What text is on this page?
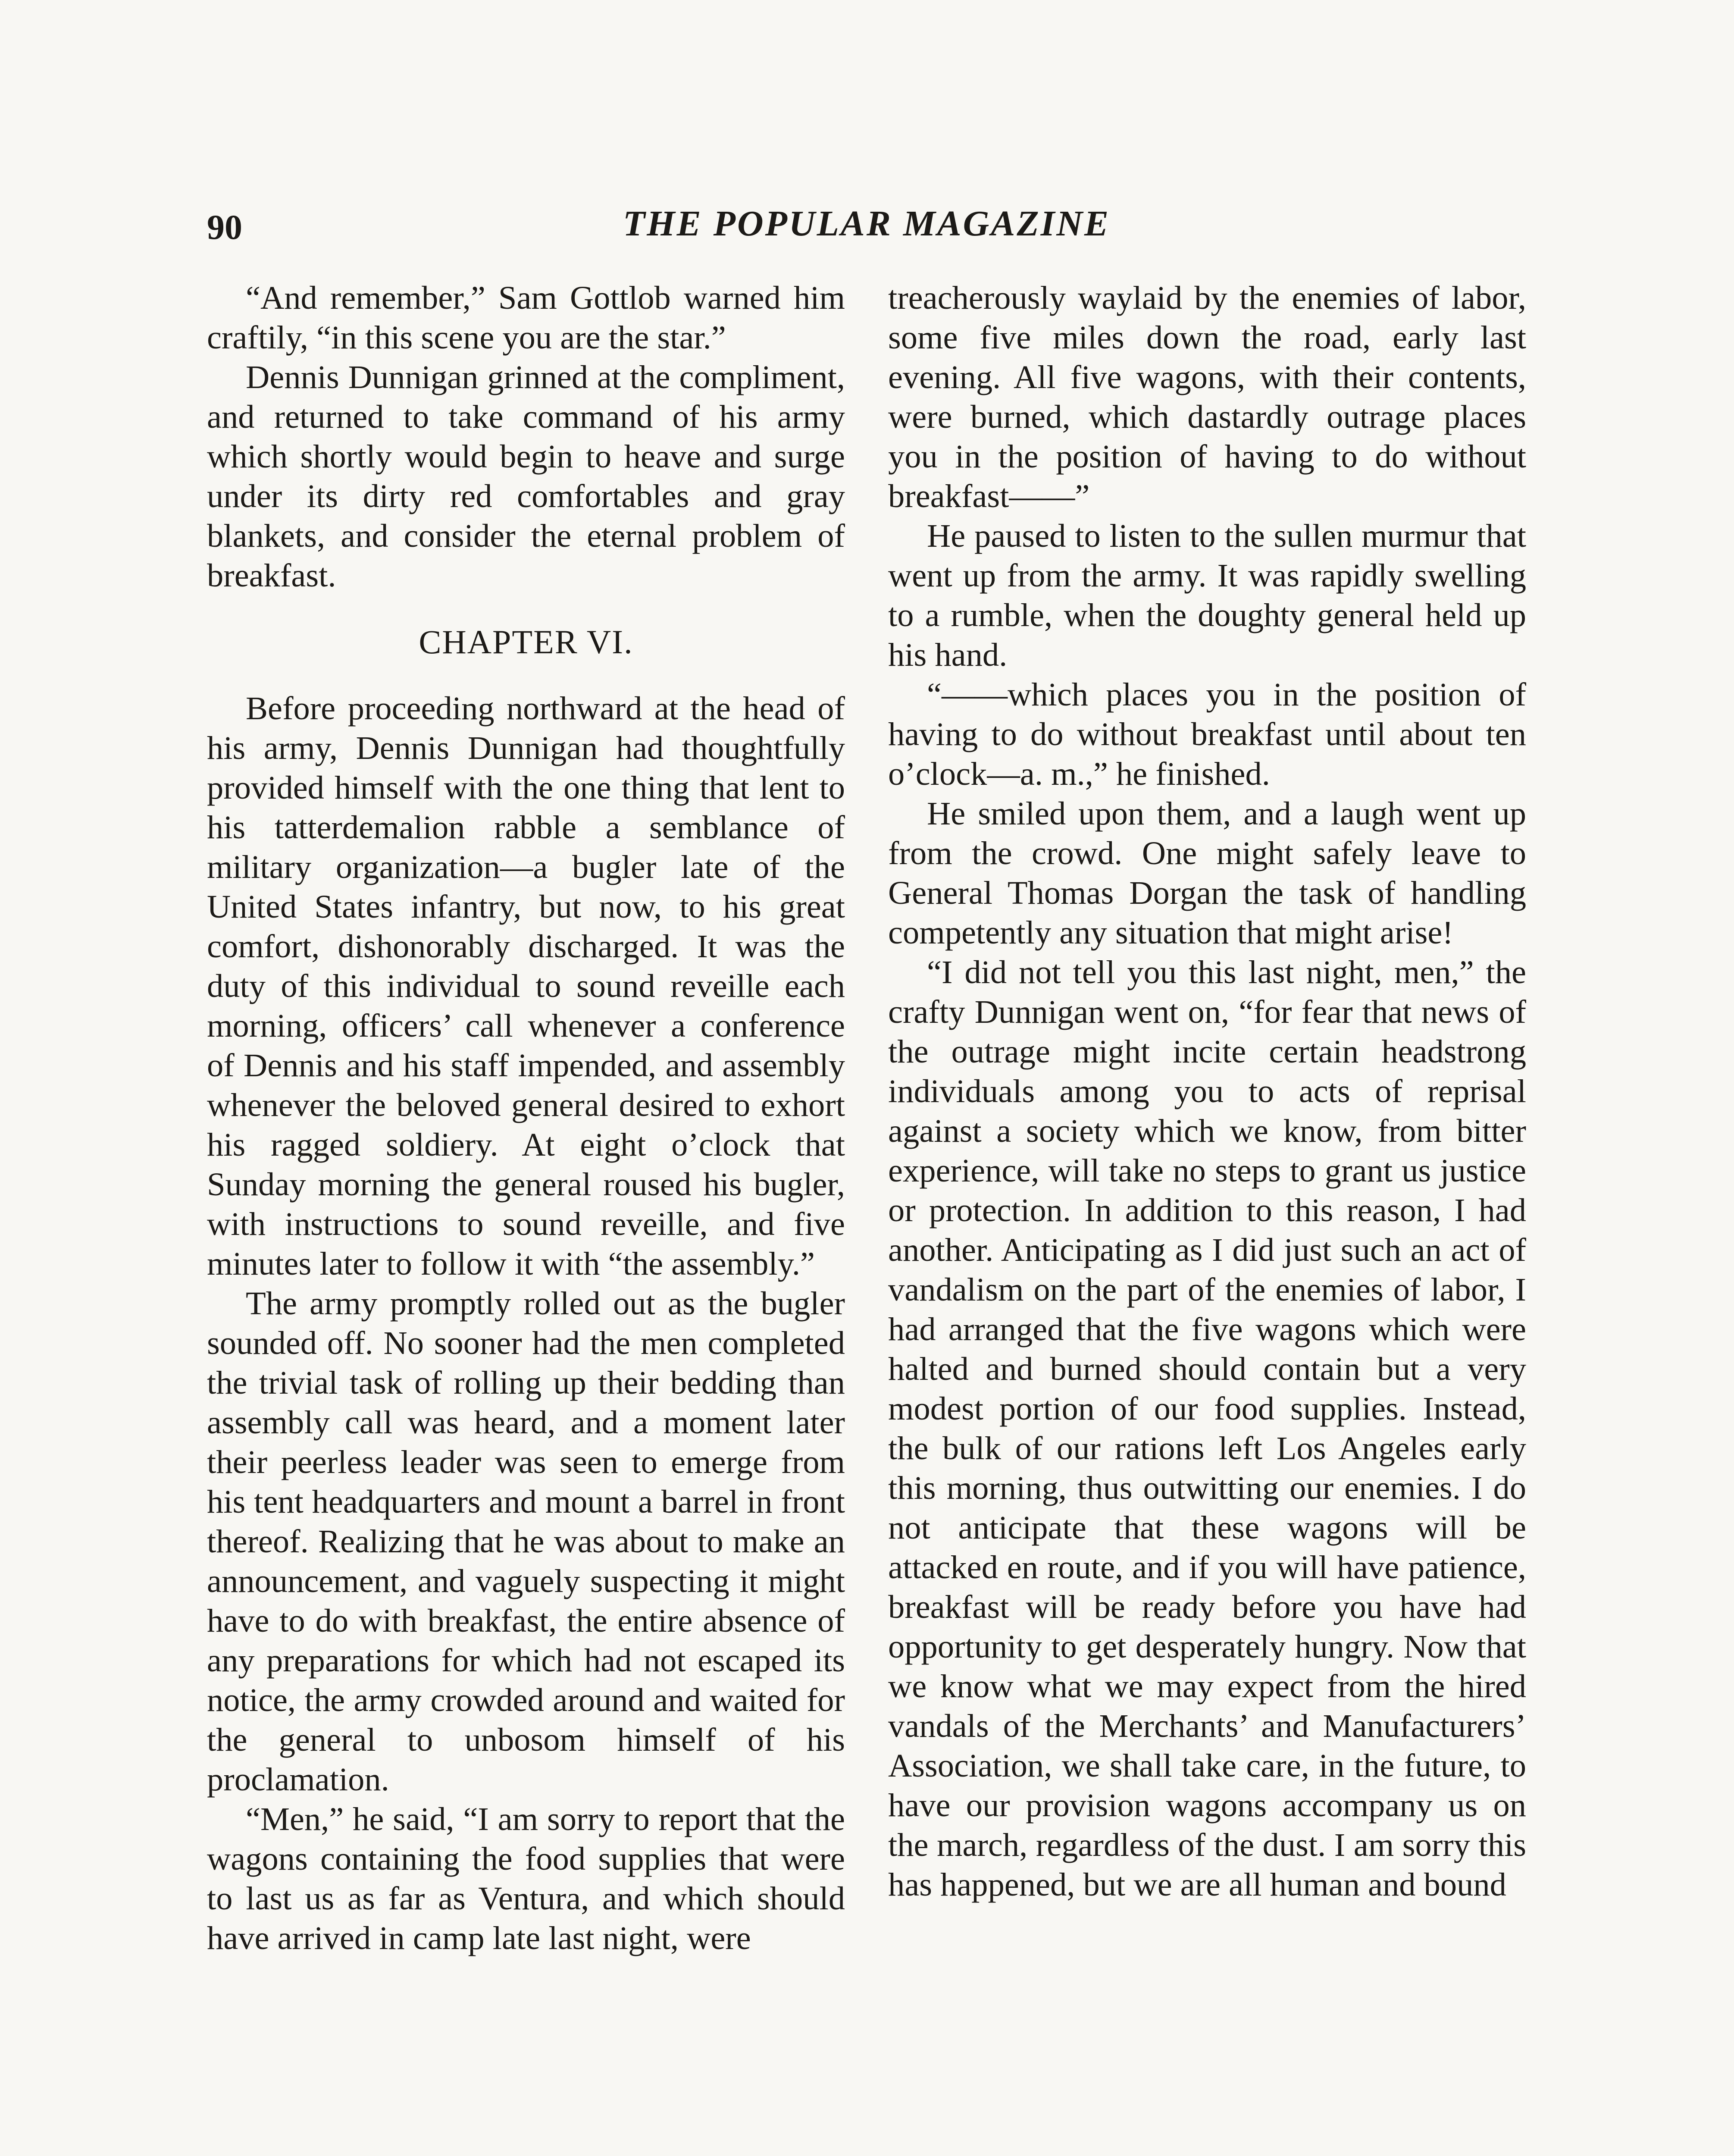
90	THE POPULAR MAGAZINE

“And remember,” Sam Gottlob warned him craftily, “in this scene you are the star.”

Dennis Dunnigan grinned at the compliment, and returned to take command of his army which shortly would begin to heave and surge under its dirty red comfortables and gray blankets, and consider the eternal problem of breakfast.

CHAPTER VI.

Before proceeding northward at the head of his army, Dennis Dunnigan had thoughtfully provided himself with the one thing that lent to his tatterdemalion rabble a semblance of military organization—a bugler late of the United States infantry, but now, to his great comfort, dishonorably discharged. It was the duty of this individual to sound reveille each morning, officers’ call whenever a conference of Dennis and his staff impended, and assembly whenever the beloved general desired to exhort his ragged soldiery. At eight o’clock that Sunday morning the general roused his bugler, with instructions to sound reveille, and five minutes later to follow it with “the assembly.”

The army promptly rolled out as the bugler sounded off. No sooner had the men completed the trivial task of rolling up their bedding than assembly call was heard, and a moment later their peerless leader was seen to emerge from his tent headquarters and mount a barrel in front thereof. Realizing that he was about to make an announcement, and vaguely suspecting it might have to do with breakfast, the entire absence of any preparations for which had not escaped its notice, the army crowded around and waited for the general to unbosom himself of his proclamation.

“Men,” he said, “I am sorry to report that the wagons containing the food supplies that were to last us as far as Ventura, and which should have arrived in camp late last night, were

treacherously waylaid by the enemies of labor, some five miles down the road, early last evening. All five wagons, with their contents, were burned, which dastardly outrage places you in the position of having to do without breakfast——”

He paused to listen to the sullen murmur that went up from the army. It was rapidly swelling to a rumble, when the doughty general held up his hand.

“——which places you in the position of having to do without breakfast until about ten o’clock—a. m.,” he finished.

He smiled upon them, and a laugh went up from the crowd. One might safely leave to General Thomas Dorgan the task of handling competently any situation that might arise!

“I did not tell you this last night, men,” the crafty Dunnigan went on, “for fear that news of the outrage might incite certain headstrong individuals among you to acts of reprisal against a society which we know, from bitter experience, will take no steps to grant us justice or protection. In addition to this reason, I had another. Anticipating as I did just such an act of vandalism on the part of the enemies of labor, I had arranged that the five wagons which were halted and burned should contain but a very modest portion of our food supplies. Instead, the bulk of our rations left Los Angeles early this morning, thus outwitting our enemies. I do not anticipate that these wagons will be attacked en route, and if you will have patience, breakfast will be ready before you have had opportunity to get desperately hungry. Now that we know what we may expect from the hired vandals of the Merchants’ and Manufacturers’ Association, we shall take care, in the future, to have our provision wagons accompany us on the march, regardless of the dust. I am sorry this has happened, but we are all human and bound
